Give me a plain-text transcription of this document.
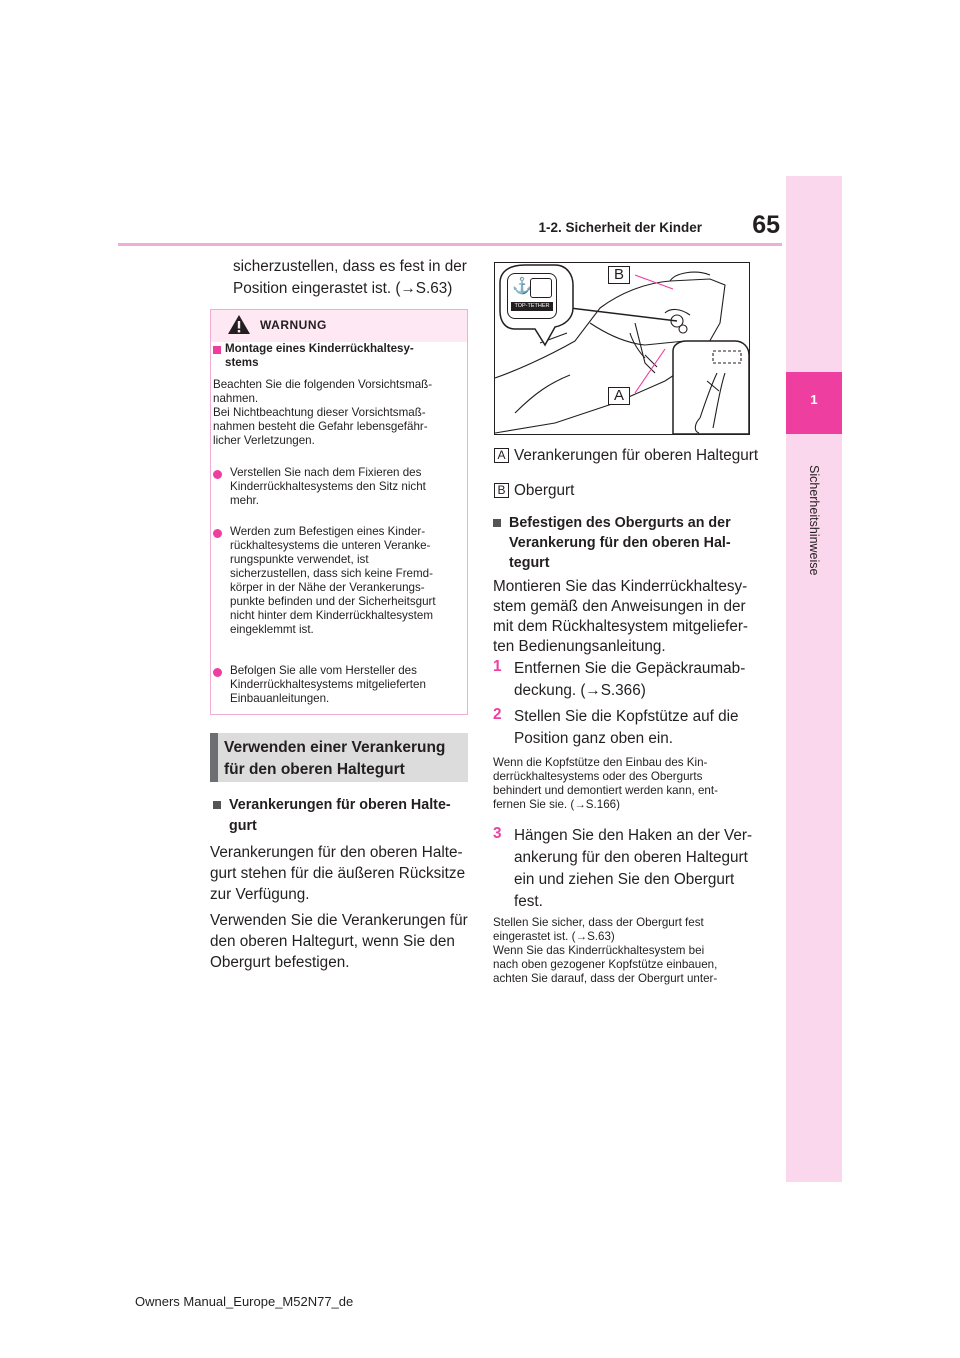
65
1-2. Sicherheit der Kinder
1
Sicherheitshinweise
sicherzustellen, dass es fest in der
Position eingerastet ist. (→S.63)
WARNUNG
Montage eines Kinderrückhaltesy-
stems
Beachten Sie die folgenden Vorsichtsmaß-
nahmen.
Bei Nichtbeachtung dieser Vorsichtsmaß-
nahmen besteht die Gefahr lebensgefähr-
licher Verletzungen.
Verstellen Sie nach dem Fixieren des
Kinderrückhaltesystems den Sitz nicht
mehr.
Werden zum Befestigen eines Kinder-
rückhaltesystems die unteren Veranke-
rungspunkte verwendet, ist
sicherzustellen, dass sich keine Fremd-
körper in der Nähe der Verankerungs-
punkte befinden und der Sicherheitsgurt
nicht hinter dem Kinderrückhaltesystem
eingeklemmt ist.
Befolgen Sie alle vom Hersteller des
Kinderrückhaltesystems mitgelieferten
Einbauanleitungen.
Verwenden einer Verankerung
für den oberen Haltegurt
Verankerungen für oberen Halte-
gurt
Verankerungen für den oberen Halte-
gurt stehen für die äußeren Rücksitze
zur Verfügung.
Verwenden Sie die Verankerungen für
den oberen Haltegurt, wenn Sie den
Obergurt befestigen.
⚓
TOP-TETHER
B
A
A Verankerungen für oberen Haltegurt
B Obergurt
Befestigen des Obergurts an der
Verankerung für den oberen Hal-
tegurt
Montieren Sie das Kinderrückhaltesy-
stem gemäß den Anweisungen in der
mit dem Rückhaltesystem mitgeliefer-
ten Bedienungsanleitung.
1 Entfernen Sie die Gepäckraumab-
deckung. (→S.366)
2 Stellen Sie die Kopfstütze auf die
Position ganz oben ein.
Wenn die Kopfstütze den Einbau des Kin-
derrückhaltesystems oder des Obergurts
behindert und demontiert werden kann, ent-
fernen Sie sie. (→S.166)
3 Hängen Sie den Haken an der Ver-
ankerung für den oberen Haltegurt
ein und ziehen Sie den Obergurt
fest.
Stellen Sie sicher, dass der Obergurt fest
eingerastet ist. (→S.63)
Wenn Sie das Kinderrückhaltesystem bei
nach oben gezogener Kopfstütze einbauen,
achten Sie darauf, dass der Obergurt unter-
Owners Manual_Europe_M52N77_de
